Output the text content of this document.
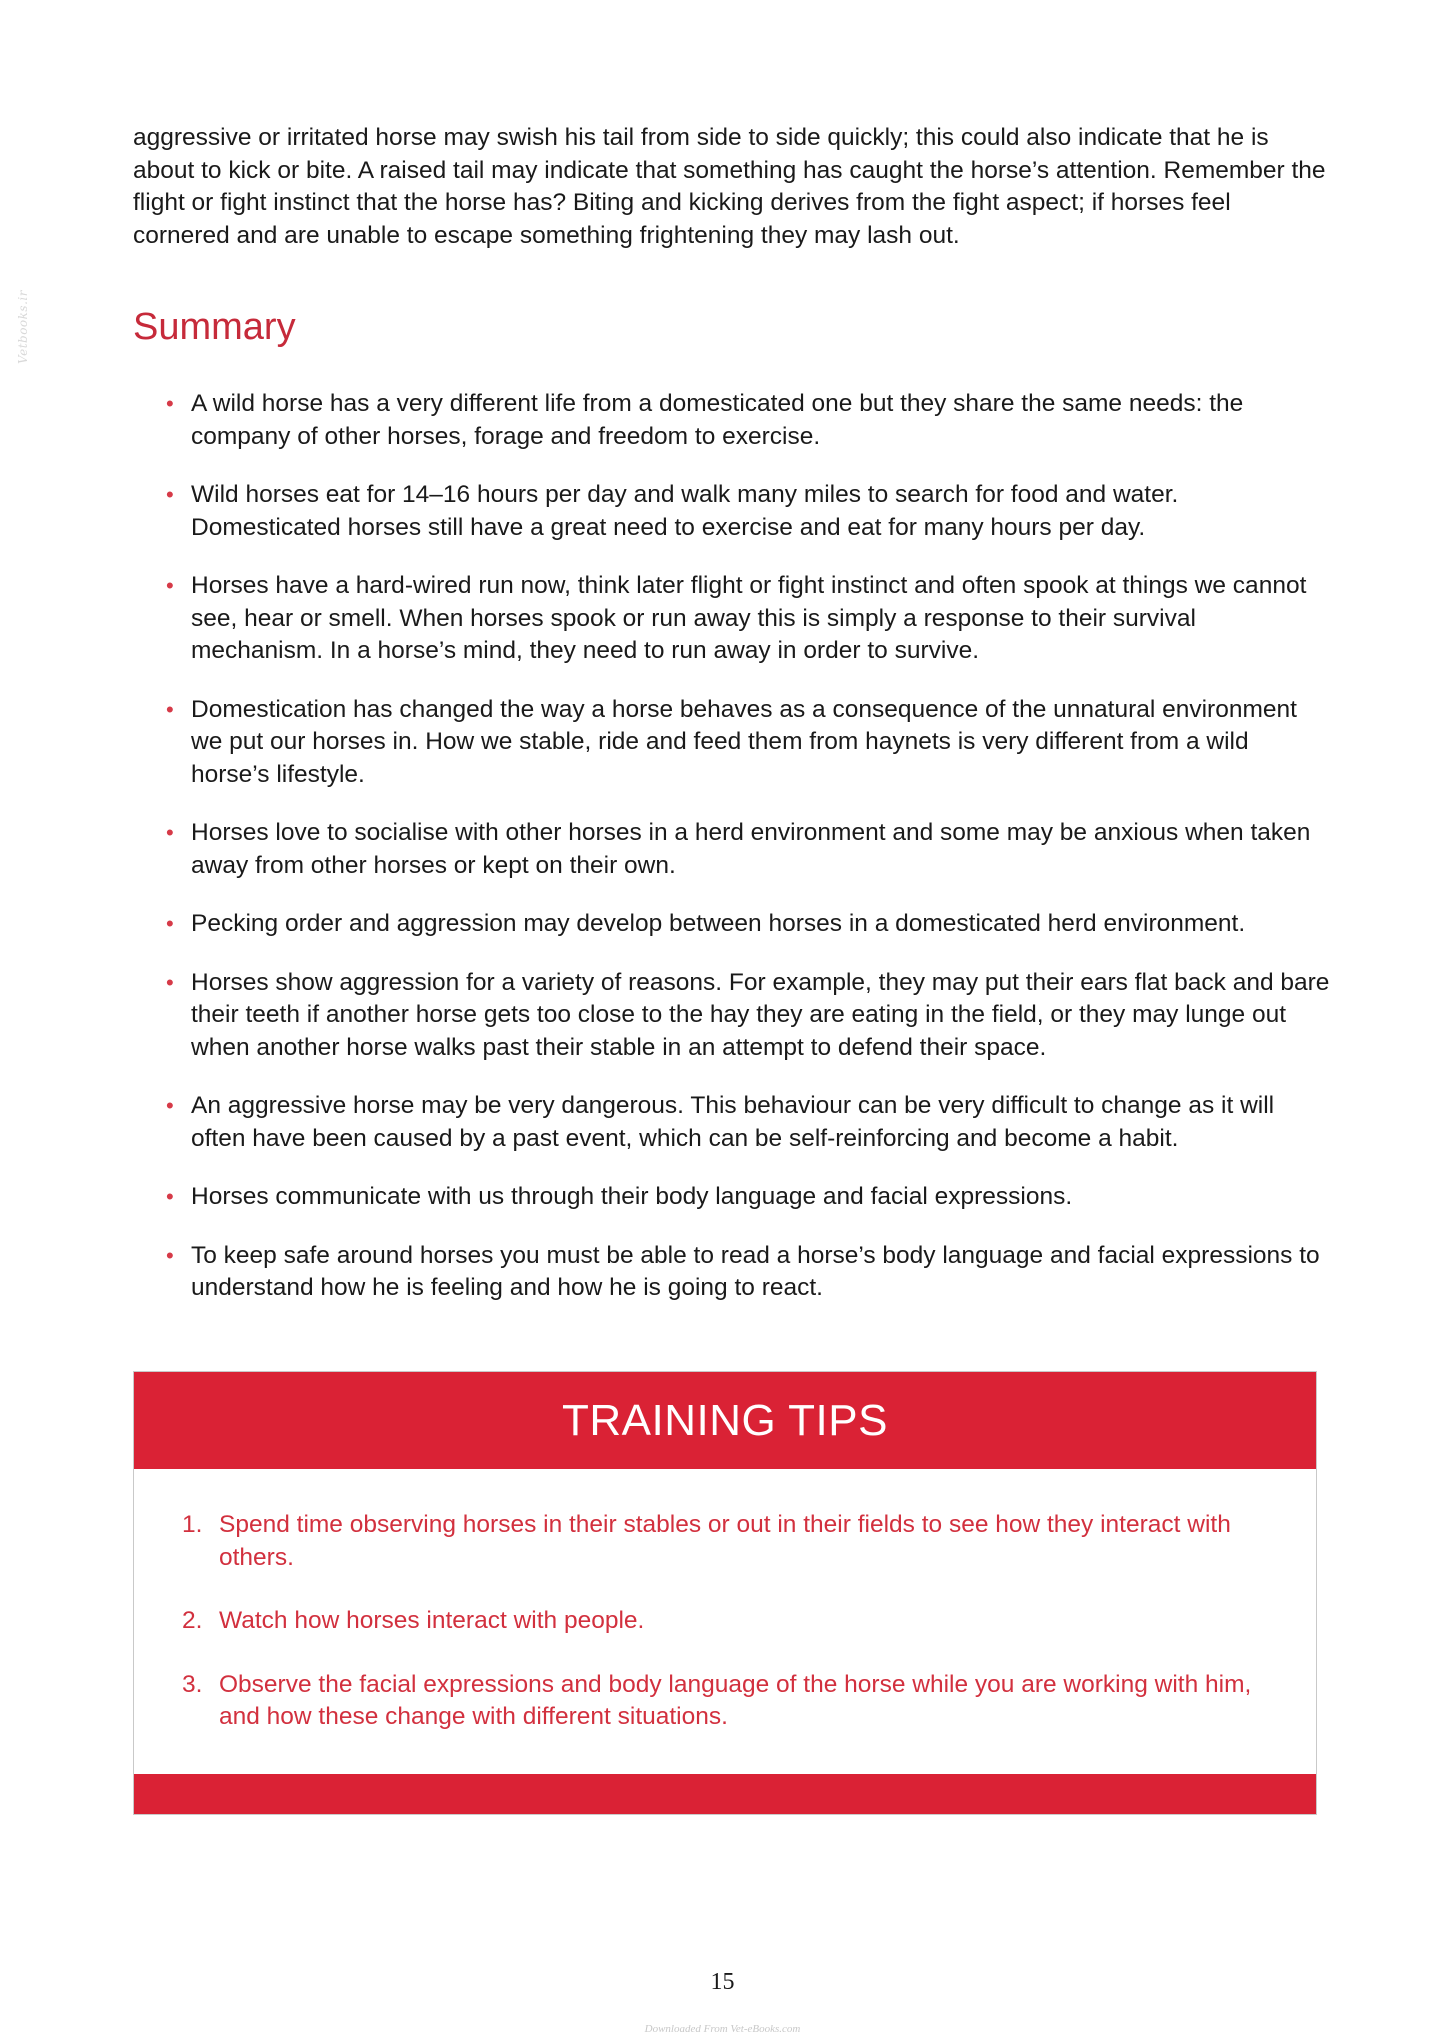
Vetbooks.ir

aggressive or irritated horse may swish his tail from side to side quickly; this could also indicate that he is about to kick or bite. A raised tail may indicate that something has caught the horse’s attention. Remember the flight or fight instinct that the horse has? Biting and kicking derives from the fight aspect; if horses feel cornered and are unable to escape something frightening they may lash out.

Summary
• A wild horse has a very different life from a domesticated one but they share the same needs: the company of other horses, forage and freedom to exercise.
• Wild horses eat for 14–16 hours per day and walk many miles to search for food and water. Domesticated horses still have a great need to exercise and eat for many hours per day.
• Horses have a hard-wired run now, think later flight or fight instinct and often spook at things we cannot see, hear or smell. When horses spook or run away this is simply a response to their survival mechanism. In a horse’s mind, they need to run away in order to survive.
• Domestication has changed the way a horse behaves as a consequence of the unnatural environment we put our horses in. How we stable, ride and feed them from haynets is very different from a wild horse’s lifestyle.
• Horses love to socialise with other horses in a herd environment and some may be anxious when taken away from other horses or kept on their own.
• Pecking order and aggression may develop between horses in a domesticated herd environment.
• Horses show aggression for a variety of reasons. For example, they may put their ears flat back and bare their teeth if another horse gets too close to the hay they are eating in the field, or they may lunge out when another horse walks past their stable in an attempt to defend their space.
• An aggressive horse may be very dangerous. This behaviour can be very difficult to change as it will often have been caused by a past event, which can be self-reinforcing and become a habit.
• Horses communicate with us through their body language and facial expressions.
• To keep safe around horses you must be able to read a horse’s body language and facial expressions to understand how he is feeling and how he is going to react.
TRAINING TIPS
1. Spend time observing horses in their stables or out in their fields to see how they interact with others.
2. Watch how horses interact with people.
3. Observe the facial expressions and body language of the horse while you are working with him, and how these change with different situations.
15
Downloaded From Vet-eBooks.com
